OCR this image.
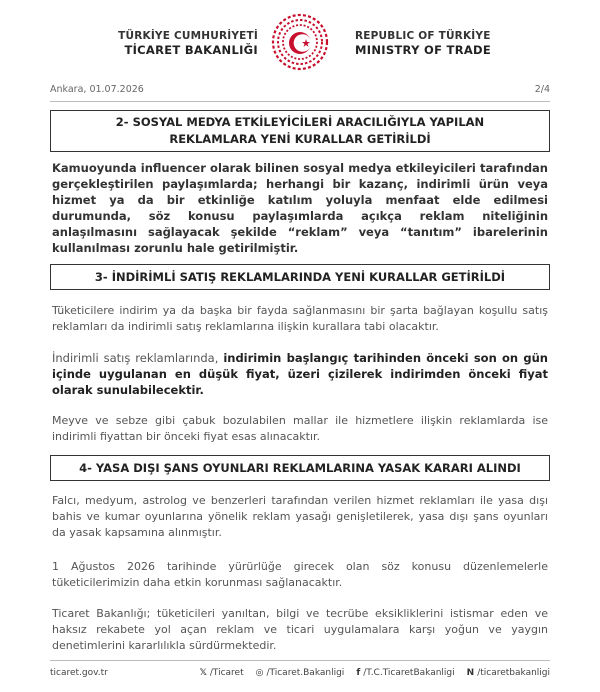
TÜRKİYE CUMHURİYETİ
TİCARET BAKANLIĞI
REPUBLIC OF TÜRKİYE
MINISTRY OF TRADE
Ankara, 01.07.2026	2/4
2- SOSYAL MEDYA ETKİLEYİCİLERİ ARACILIĞIYLA YAPILAN
REKLAMLARA YENİ KURALLAR GETİRİLDİ
Kamuoyunda influencer olarak bilinen sosyal medya etkileyicileri tarafından gerçekleştirilen paylaşımlarda; herhangi bir kazanç, indirimli ürün veya hizmet ya da bir etkinliğe katılım yoluyla menfaat elde edilmesi durumunda, söz konusu paylaşımlarda açıkça reklam niteliğinin anlaşılmasını sağlayacak şekilde “reklam” veya “tanıtım” ibarelerinin kullanılması zorunlu hale getirilmiştir.
3- İNDİRİMLİ SATIŞ REKLAMLARINDA YENİ KURALLAR GETİRİLDİ
Tüketicilere indirim ya da başka bir fayda sağlanmasını bir şarta bağlayan koşullu satış reklamları da indirimli satış reklamlarına ilişkin kurallara tabi olacaktır.
İndirimli satış reklamlarında, indirimin başlangıç tarihinden önceki son on gün içinde uygulanan en düşük fiyat, üzeri çizilerek indirimden önceki fiyat olarak sunulabilecektir.
Meyve ve sebze gibi çabuk bozulabilen mallar ile hizmetlere ilişkin reklamlarda ise indirimli fiyattan bir önceki fiyat esas alınacaktır.
4- YASA DIŞI ŞANS OYUNLARI REKLAMLARINA YASAK KARARI ALINDI
Falcı, medyum, astrolog ve benzerleri tarafından verilen hizmet reklamları ile yasa dışı bahis ve kumar oyunlarına yönelik reklam yasağı genişletilerek, yasa dışı şans oyunları da yasak kapsamına alınmıştır.
1 Ağustos 2026 tarihinde yürürlüğe girecek olan söz konusu düzenlemelerle tüketicilerimizin daha etkin korunması sağlanacaktır.
Ticaret Bakanlığı; tüketicileri yanıltan, bilgi ve tecrübe eksikliklerini istismar eden ve haksız rekabete yol açan reklam ve ticari uygulamalara karşı yoğun ve yaygın denetimlerini kararlılıkla sürdürmektedir.
ticaret.gov.tr	𝕏 /Ticaret ◎ /Ticaret.Bakanligi f /T.C.TicaretBakanligi N /ticaretbakanligi
